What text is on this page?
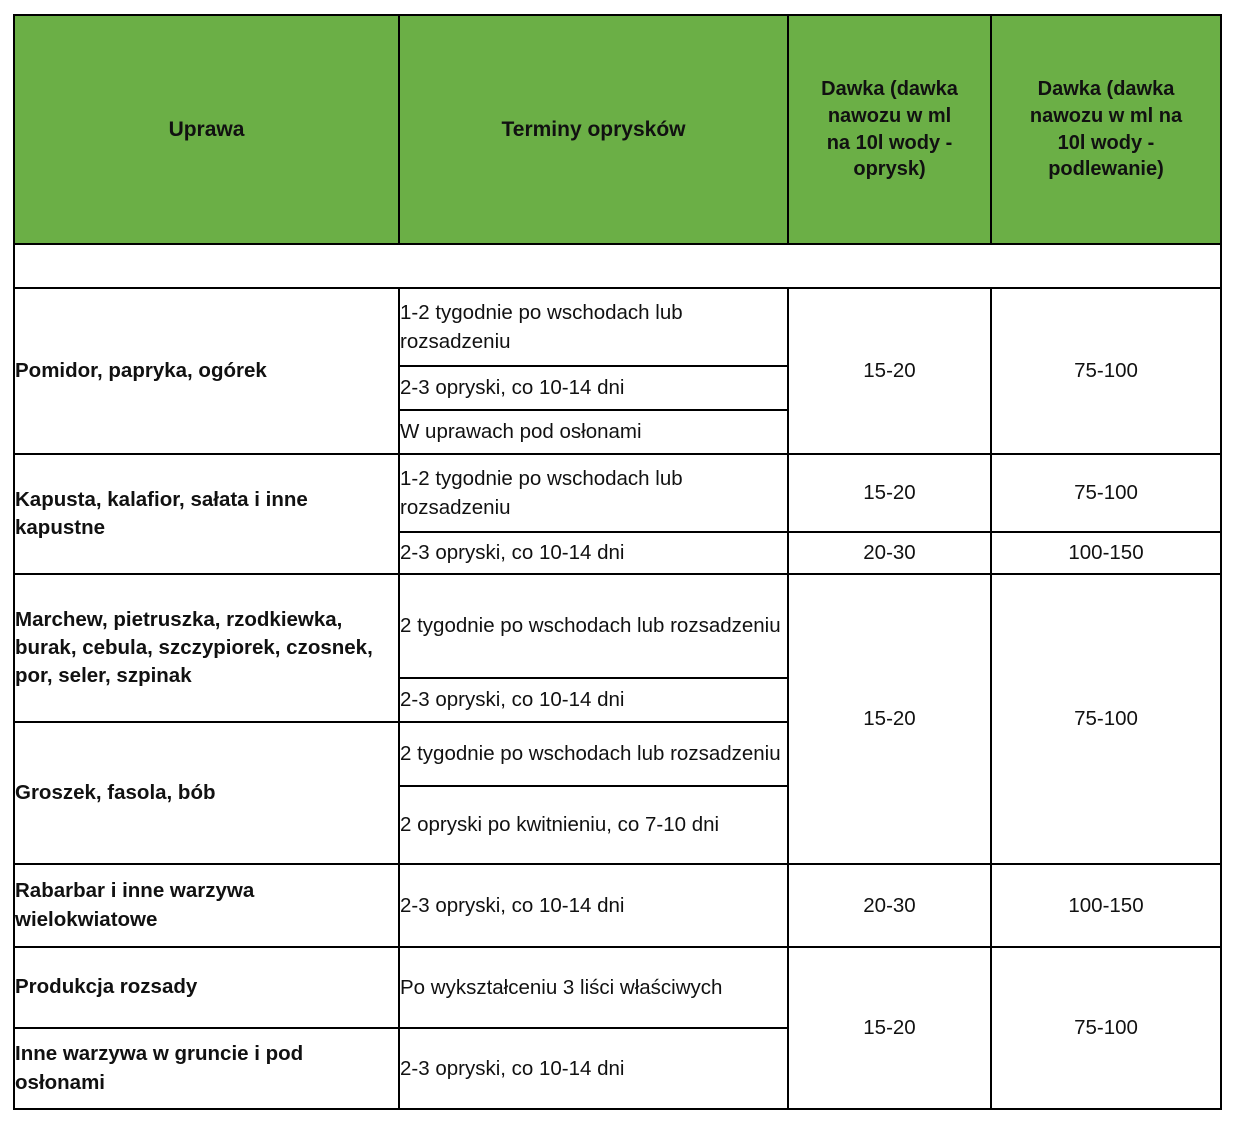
Uprawa	Terminy oprysków	Dawka (dawka
nawozu w ml
na 10l wody -
oprysk)	Dawka (dawka
nawozu w ml na
10l wody -
podlewanie)

Pomidor, papryka, ogórek	1-2 tygodnie po wschodach lub rozsadzeniu	15-20	75-100
	2-3 opryski, co 10-14 dni		
	W uprawach pod osłonami		
Kapusta, kalafior, sałata i inne kapustne	1-2 tygodnie po wschodach lub rozsadzeniu	15-20	75-100
	2-3 opryski, co 10-14 dni	20-30	100-150
Marchew, pietruszka, rzodkiewka, burak, cebula, szczypiorek, czosnek, por, seler, szpinak	2 tygodnie po wschodach lub rozsadzeniu	15-20	75-100
	2-3 opryski, co 10-14 dni		
Groszek, fasola, bób	2 tygodnie po wschodach lub rozsadzeniu		
	2 opryski po kwitnieniu, co 7-10 dni		
Rabarbar i inne warzywa wielokwiatowe	2-3 opryski, co 10-14 dni	20-30	100-150
Produkcja rozsady	Po wykształceniu 3 liści właściwych	15-20	75-100
Inne warzywa w gruncie i pod osłonami	2-3 opryski, co 10-14 dni		
